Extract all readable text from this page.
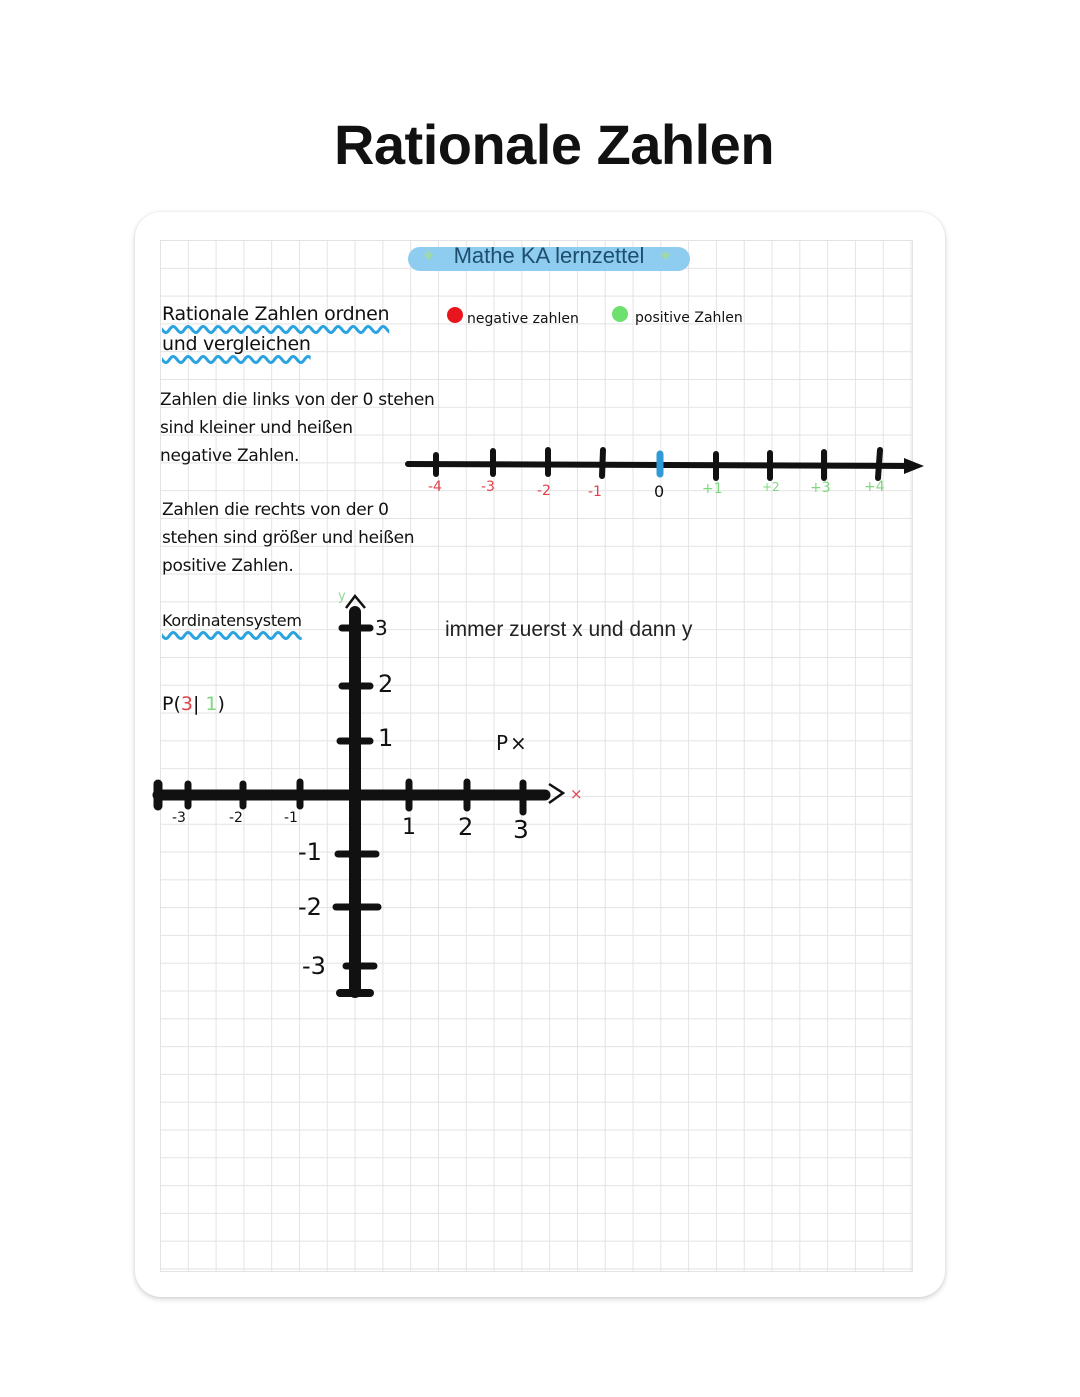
Rationale Zahlen
Mathe KA lernzettel
✦	✦
Rationale Zahlen ordnen
und vergleichen
negative zahlen	positive Zahlen
Zahlen die links von der 0 stehen
sind kleiner und heißen
negative Zahlen.
Zahlen die rechts von der 0
stehen sind größer und heißen
positive Zahlen.
-4	-3	-2	-1	0	+1	+2 +3 +4
Kordinatensystem
P(3| 1)
immer zuerst x und dann y
P×
y
×
-3	-2	-1	1 2 3
3
2
1
-1
-2
-3
